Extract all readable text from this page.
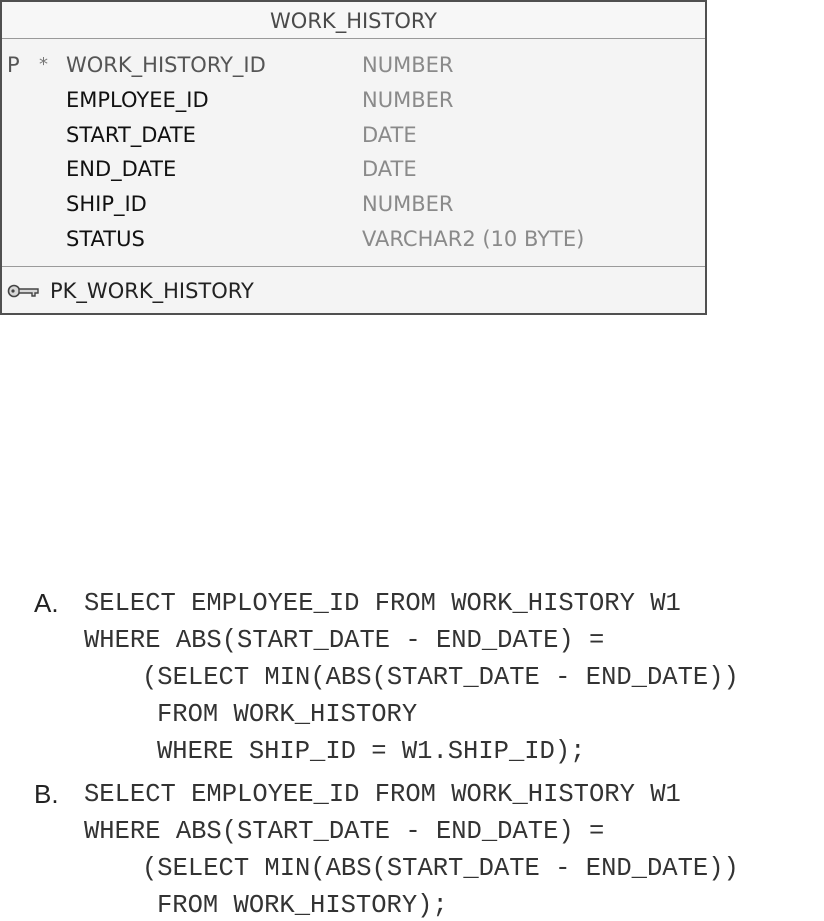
WORK_HISTORY
P * WORK_HISTORY_ID	NUMBER
EMPLOYEE_ID	NUMBER
START_DATE	DATE
END_DATE	DATE
SHIP_ID	NUMBER
STATUS	VARCHAR2 (10 BYTE)
PK_WORK_HISTORY
A. SELECT EMPLOYEE_ID FROM WORK_HISTORY W1
WHERE ABS(START_DATE - END_DATE) =
(SELECT MIN(ABS(START_DATE - END_DATE))
FROM WORK_HISTORY
WHERE SHIP_ID = W1.SHIP_ID);
B. SELECT EMPLOYEE_ID FROM WORK_HISTORY W1
WHERE ABS(START_DATE - END_DATE) =
(SELECT MIN(ABS(START_DATE - END_DATE))
FROM WORK_HISTORY);
